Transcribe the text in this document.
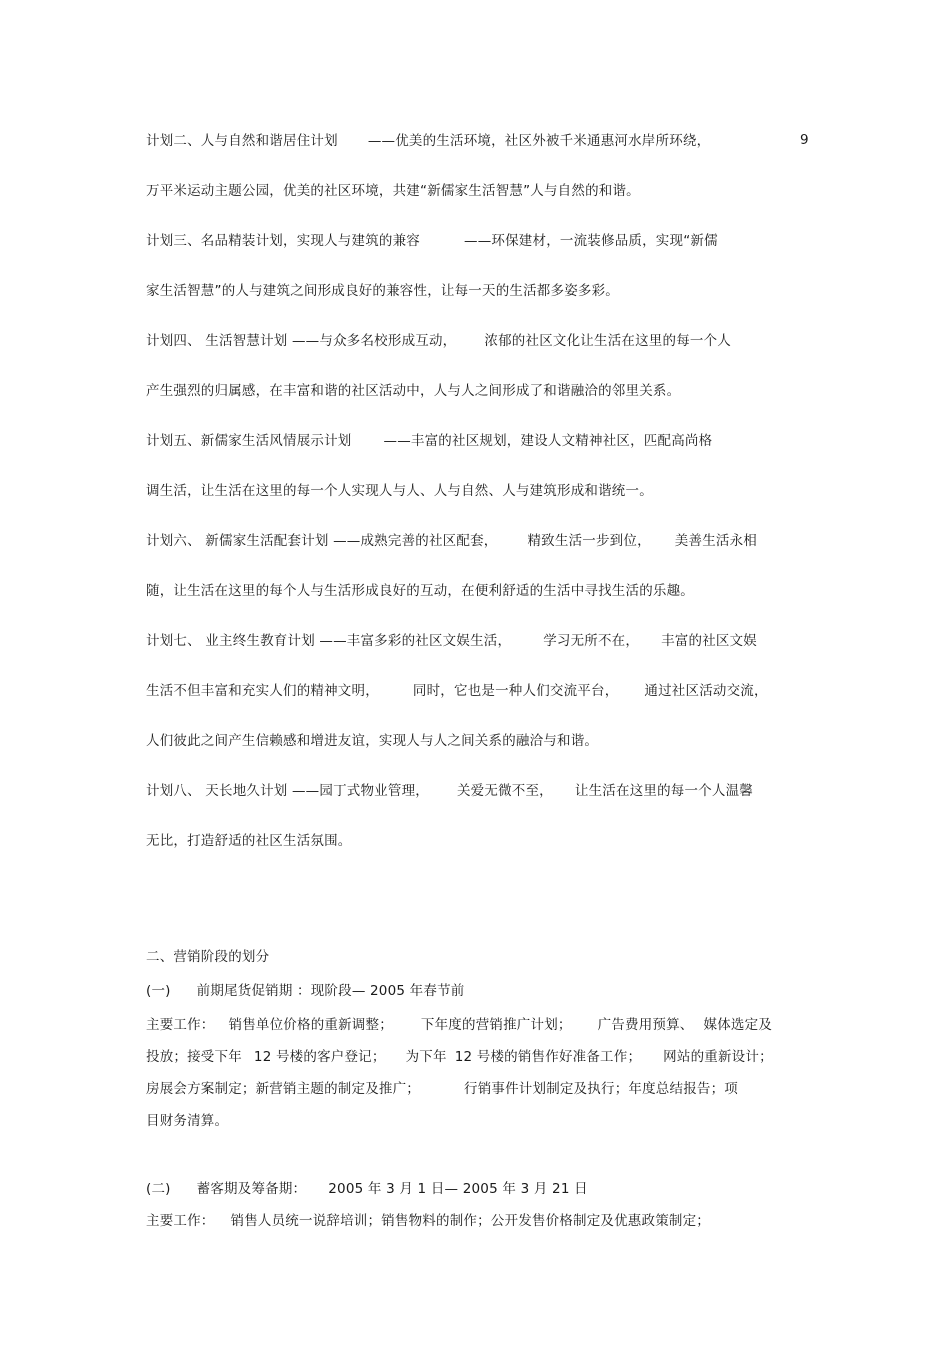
9
计划二、人与自然和谐居住计划 ——优美的生活环境，社区外被千米通惠河水岸所环绕，
万平米运动主题公园，优美的社区环境，共建“新儒家生活智慧”人与自然的和谐。
计划三、名品精装计划，实现人与建筑的兼容	——环保建材，一流装修品质，实现“新儒
家生活智慧”的人与建筑之间形成良好的兼容性，让每一天的生活都多姿多彩。
计划四、 生活智慧计划 ——与众多名校形成互动， 浓郁的社区文化让生活在这里的每一个人
产生强烈的归属感，在丰富和谐的社区活动中，人与人之间形成了和谐融洽的邻里关系。
计划五、新儒家生活风情展示计划 ——丰富的社区规划，建设人文精神社区，匹配高尚格
调生活，让生活在这里的每一个人实现人与人、人与自然、人与建筑形成和谐统一。
计划六、 新儒家生活配套计划 ——成熟完善的社区配套， 精致生活一步到位， 美善生活永相
随，让生活在这里的每个人与生活形成良好的互动，在便利舒适的生活中寻找生活的乐趣。
计划七、 业主终生教育计划 ——丰富多彩的社区文娱生活， 学习无所不在， 丰富的社区文娱
生活不但丰富和充实人们的精神文明，	同时，它也是一种人们交流平台， 通过社区活动交流，
人们彼此之间产生信赖感和增进友谊，实现人与人之间关系的融洽与和谐。
计划八、 天长地久计划 ——园丁式物业管理， 关爱无微不至， 让生活在这里的每一个人温馨
无比，打造舒适的社区生活氛围。
二、营销阶段的划分
(一) 前期尾货促销期 ：现阶段— 2005 年春节前
主要工作： 销售单位价格的重新调整； 下年度的营销推广计划； 广告费用预算、 媒体选定及
投放；接受下年 12 号楼的客户登记； 为下年 12 号楼的销售作好准备工作； 网站的重新设计；
房展会方案制定；新营销主题的制定及推广；	行销事件计划制定及执行；年度总结报告；项
目财务清算。
(二) 蓄客期及筹备期： 2005 年 3 月 1 日— 2005 年 3 月 21 日
主要工作： 销售人员统一说辞培训；销售物料的制作；公开发售价格制定及优惠政策制定；
